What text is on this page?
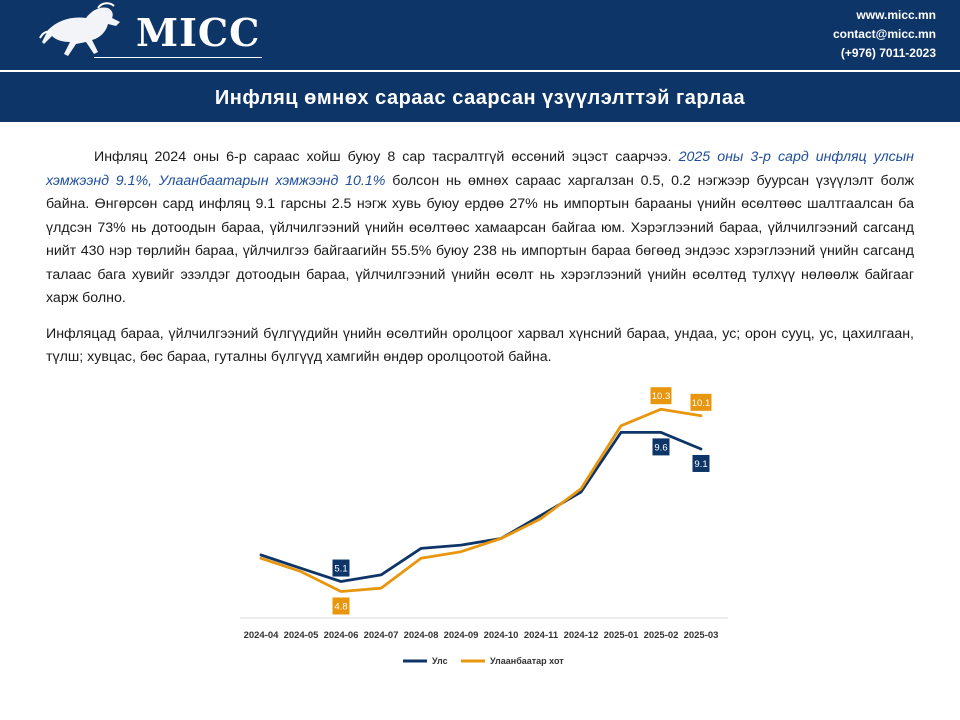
MICC	www.micc.mn
contact@micc.mn
(+976) 7011-2023
Инфляц өмнөх сараас саарсан үзүүлэлттэй гарлаа

Инфляц 2024 оны 6-р сараас хойш буюу 8 сар тасралтгүй өссөний эцэст саарчээ. 2025 оны 3-р сард инфляц улсын хэмжээнд 9.1%, Улаанбаатарын хэмжээнд 10.1% болсон нь өмнөх сараас харгалзан 0.5, 0.2 нэгжээр буурсан үзүүлэлт болж байна. Өнгөрсөн сард инфляц 9.1 гарсны 2.5 нэгж хувь буюу ердөө 27% нь импортын барааны үнийн өсөлтөөс шалтгаалсан ба үлдсэн 73% нь дотоодын бараа, үйлчилгээний үнийн өсөлтөөс хамаарсан байгаа юм. Хэрэглээний бараа, үйлчилгээний сагсанд нийт 430 нэр төрлийн бараа, үйлчилгээ байгаагийн 55.5% буюу 238 нь импортын бараа бөгөөд эндээс хэрэглээний үнийн сагсанд талаас бага хувийг эзэлдэг дотоодын бараа, үйлчилгээний үнийн өсөлт нь хэрэглээний үнийн өсөлтөд тулхүү нөлөөлж байгааг харж болно.

Инфляцад бараа, үйлчилгээний бүлгүүдийн үнийн өсөлтийн оролцоог харвал хүнсний бараа, ундаа, ус; орон сууц, ус, цахилгаан, түлш; хувцас, бөс бараа, гуталны бүлгүүд хамгийн өндөр оролцоотой байна.

5.1
4.8
9.6
9.1
10.3
10.1
2024-04 2024-05 2024-06 2024-07 2024-08 2024-09 2024-10 2024-11 2024-12 2025-01 2025-02 2025-03
Улс	Улаанбаатар хот
